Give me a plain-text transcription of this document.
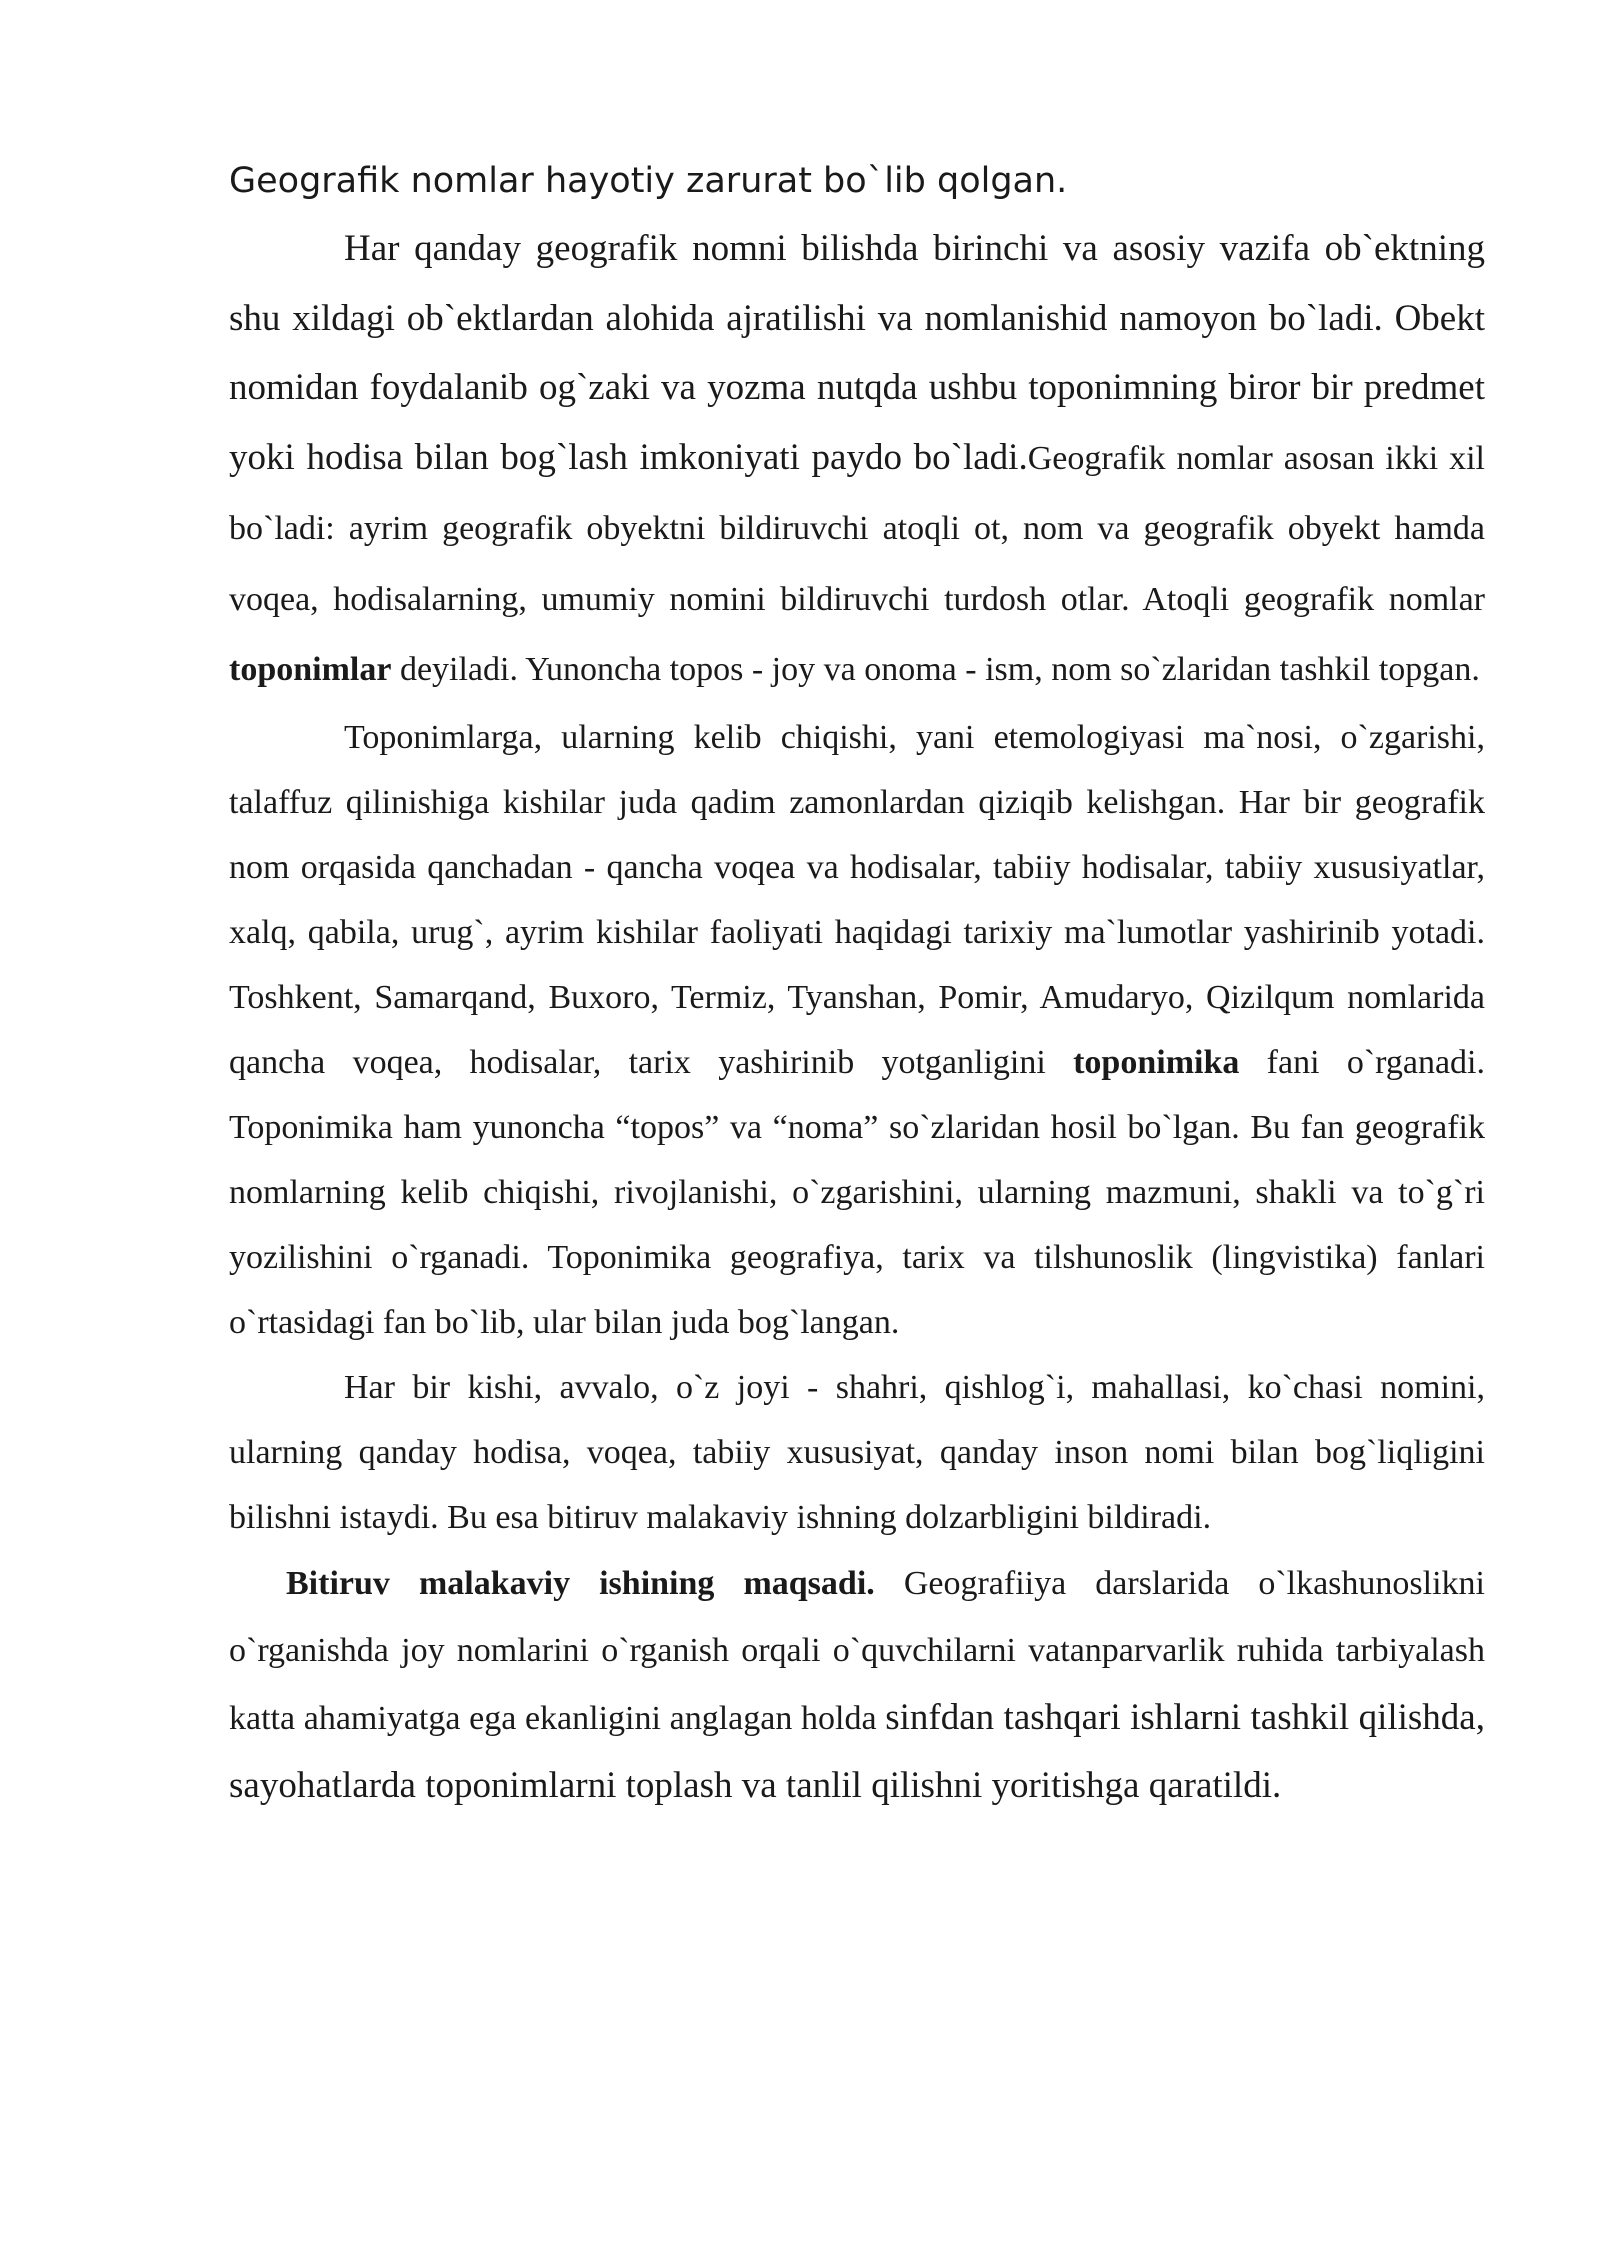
Geografik nomlar hayotiy zarurat bo`lib qolgan.

Har qanday geografik nomni bilishda birinchi va asosiy vazifa ob`ektning shu xildagi ob`ektlardan alohida ajratilishi va nomlanishid namoyon bo`ladi. Obekt nomidan foydalanib og`zaki va yozma nutqda ushbu toponimning biror bir predmet yoki hodisa bilan bog`lash imkoniyati paydo bo`ladi.Geografik nomlar asosan ikki xil bo`ladi: ayrim geografik obyektni bildiruvchi atoqli ot, nom va geografik obyekt hamda voqea, hodisalarning, umumiy nomini bildiruvchi turdosh otlar. Atoqli geografik nomlar toponimlar deyiladi. Yunoncha topos - joy va onoma - ism, nom so`zlaridan tashkil topgan.

Toponimlarga, ularning kelib chiqishi, yani etemologiyasi ma`nosi, o`zgarishi, talaffuz qilinishiga kishilar juda qadim zamonlardan qiziqib kelishgan. Har bir geografik nom orqasida qanchadan - qancha voqea va hodisalar, tabiiy hodisalar, tabiiy xususiyatlar, xalq, qabila, urug`, ayrim kishilar faoliyati haqidagi tarixiy ma`lumotlar yashirinib yotadi. Toshkent, Samarqand, Buxoro, Termiz, Tyanshan, Pomir, Amudaryo, Qizilqum nomlarida qancha voqea, hodisalar, tarix yashirinib yotganligini toponimika fani o`rganadi. Toponimika ham yunoncha “topos” va “noma” so`zlaridan hosil bo`lgan. Bu fan geografik nomlarning kelib chiqishi, rivojlanishi, o`zgarishini, ularning mazmuni, shakli va to`g`ri yozilishini o`rganadi. Toponimika geografiya, tarix va tilshunoslik (lingvistika) fanlari o`rtasidagi fan bo`lib, ular bilan juda bog`langan.

Har bir kishi, avvalo, o`z joyi - shahri, qishlog`i, mahallasi, ko`chasi nomini, ularning qanday hodisa, voqea, tabiiy xususiyat, qanday inson nomi bilan bog`liqligini bilishni istaydi. Bu esa bitiruv malakaviy ishning dolzarbligini bildiradi.

Bitiruv malakaviy ishining maqsadi. Geografiiya darslarida o`lkashunoslikni o`rganishda joy nomlarini o`rganish orqali o`quvchilarni vatanparvarlik ruhida tarbiyalash katta ahamiyatga ega ekanligini anglagan holda sinfdan tashqari ishlarni tashkil qilishda, sayohatlarda toponimlarni toplash va tanlil qilishni yoritishga qaratildi.
